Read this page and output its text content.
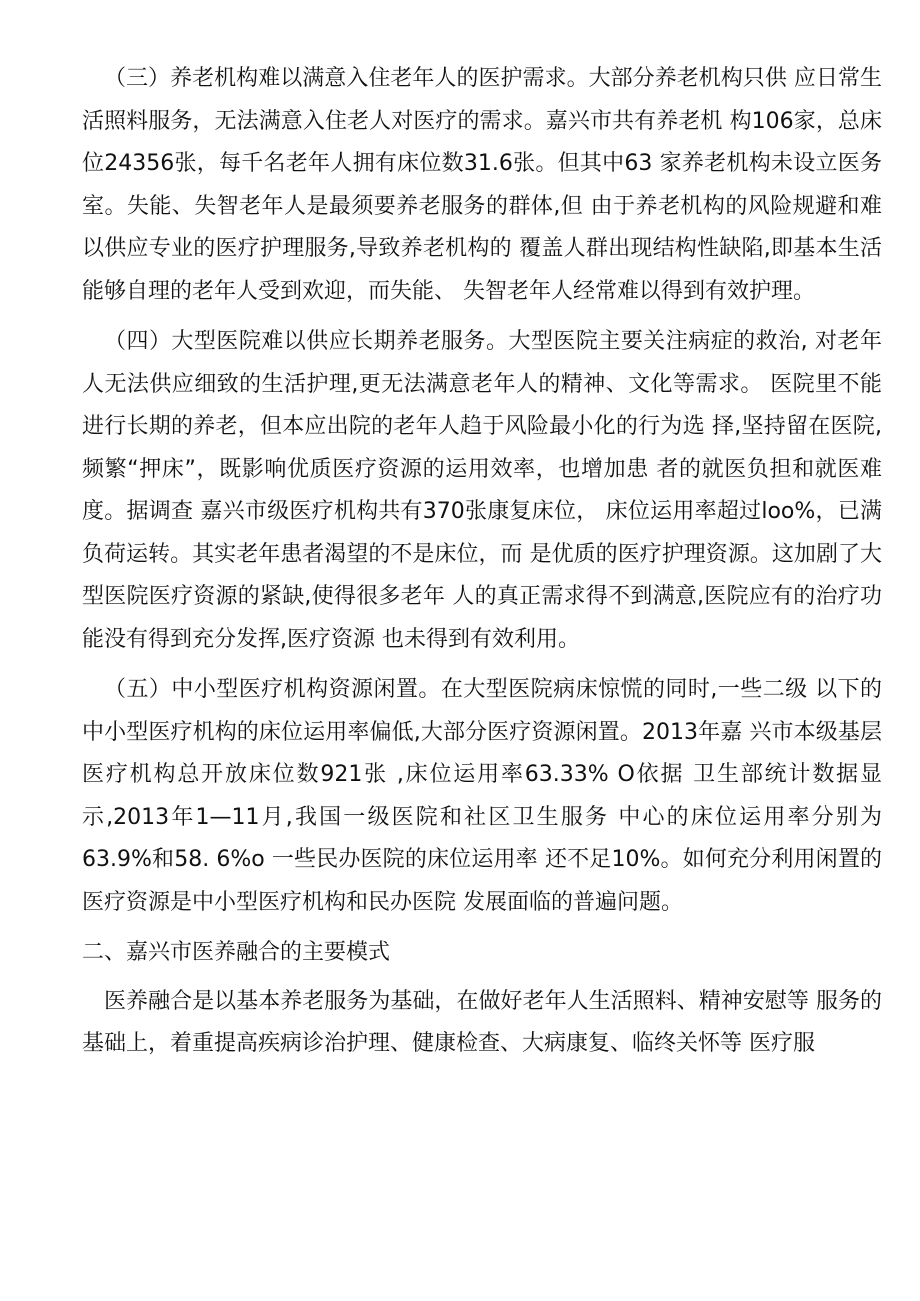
（三）养老机构难以满意入住老年人的医护需求。大部分养老机构只供 应日常生活照料服务，无法满意入住老人对医疗的需求。嘉兴市共有养老机 构106家，总床位24356张，每千名老年人拥有床位数31.6张。但其中63 家养老机构未设立医务室。失能、失智老年人是最须要养老服务的群体,但 由于养老机构的风险规避和难以供应专业的医疗护理服务,导致养老机构的 覆盖人群出现结构性缺陷,即基本生活能够自理的老年人受到欢迎，而失能、 失智老年人经常难以得到有效护理。

（四）大型医院难以供应长期养老服务。大型医院主要关注病症的救治, 对老年人无法供应细致的生活护理,更无法满意老年人的精神、文化等需求。 医院里不能进行长期的养老，但本应出院的老年人趋于风险最小化的行为选 择,坚持留在医院,频繁“押床”，既影响优质医疗资源的运用效率，也增加患 者的就医负担和就医难度。据调查 嘉兴市级医疗机构共有370张康复床位， 床位运用率超过loo%，已满负荷运转。其实老年患者渴望的不是床位，而 是优质的医疗护理资源。这加剧了大型医院医疗资源的紧缺,使得很多老年 人的真正需求得不到满意,医院应有的治疗功能没有得到充分发挥,医疗资源 也未得到有效利用。

（五）中小型医疗机构资源闲置。在大型医院病床惊慌的同时,一些二级 以下的中小型医疗机构的床位运用率偏低,大部分医疗资源闲置。2013年嘉 兴市本级基层医疗机构总开放床位数921张 ,床位运用率63.33% O依据 卫生部统计数据显示,2013年1—11月,我国一级医院和社区卫生服务 中心的床位运用率分别为63.9%和58. 6%o 一些民办医院的床位运用率 还不足10%。如何充分利用闲置的医疗资源是中小型医疗机构和民办医院 发展面临的普遍问题。

二、嘉兴市医养融合的主要模式

医养融合是以基本养老服务为基础，在做好老年人生活照料、精神安慰等 服务的基础上，着重提高疾病诊治护理、健康检查、大病康复、临终关怀等 医疗服
